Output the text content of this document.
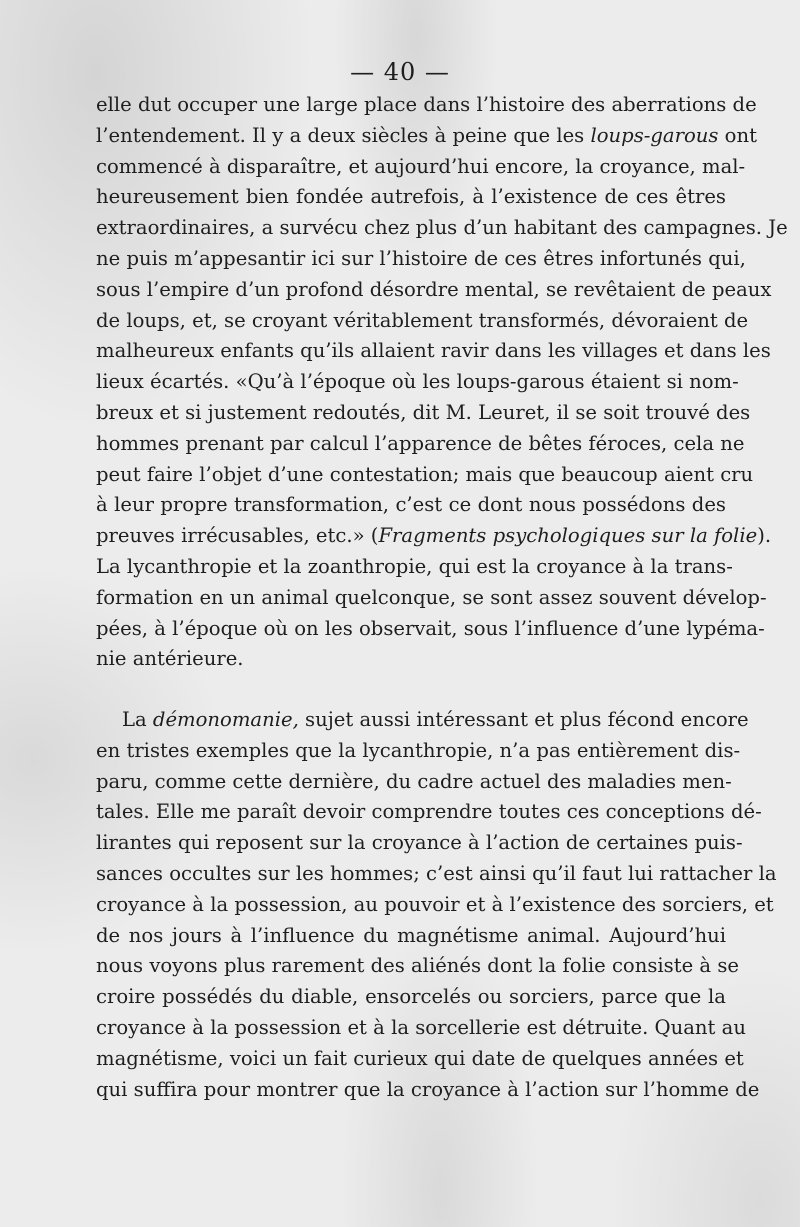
— 40 —
elle dut occuper une large place dans l’histoire des aberrations de
l’entendement. Il y a deux siècles à peine que les loups-garous ont
commencé à disparaître, et aujourd’hui encore, la croyance, mal-
heureusement bien fondée autrefois, à l’existence de ces êtres
extraordinaires, a survécu chez plus d’un habitant des campagnes. Je
ne puis m’appesantir ici sur l’histoire de ces êtres infortunés qui,
sous l’empire d’un profond désordre mental, se revêtaient de peaux
de loups, et, se croyant véritablement transformés, dévoraient de
malheureux enfants qu’ils allaient ravir dans les villages et dans les
lieux écartés. «Qu’à l’époque où les loups-garous étaient si nom-
breux et si justement redoutés, dit M. Leuret, il se soit trouvé des
hommes prenant par calcul l’apparence de bêtes féroces, cela ne
peut faire l’objet d’une contestation; mais que beaucoup aient cru
à leur propre transformation, c’est ce dont nous possédons des
preuves irrécusables, etc.» (Fragments psychologiques sur la folie).
La lycanthropie et la zoanthropie, qui est la croyance à la trans-
formation en un animal quelconque, se sont assez souvent dévelop-
pées, à l’époque où on les observait, sous l’influence d’une lypéma-
nie antérieure.
La démonomanie, sujet aussi intéressant et plus fécond encore
en tristes exemples que la lycanthropie, n’a pas entièrement dis-
paru, comme cette dernière, du cadre actuel des maladies men-
tales. Elle me paraît devoir comprendre toutes ces conceptions dé-
lirantes qui reposent sur la croyance à l’action de certaines puis-
sances occultes sur les hommes; c’est ainsi qu’il faut lui rattacher la
croyance à la possession, au pouvoir et à l’existence des sorciers, et
de nos jours à l’influence du magnétisme animal. Aujourd’hui
nous voyons plus rarement des aliénés dont la folie consiste à se
croire possédés du diable, ensorcelés ou sorciers, parce que la
croyance à la possession et à la sorcellerie est détruite. Quant au
magnétisme, voici un fait curieux qui date de quelques années et
qui suffira pour montrer que la croyance à l’action sur l’homme de
